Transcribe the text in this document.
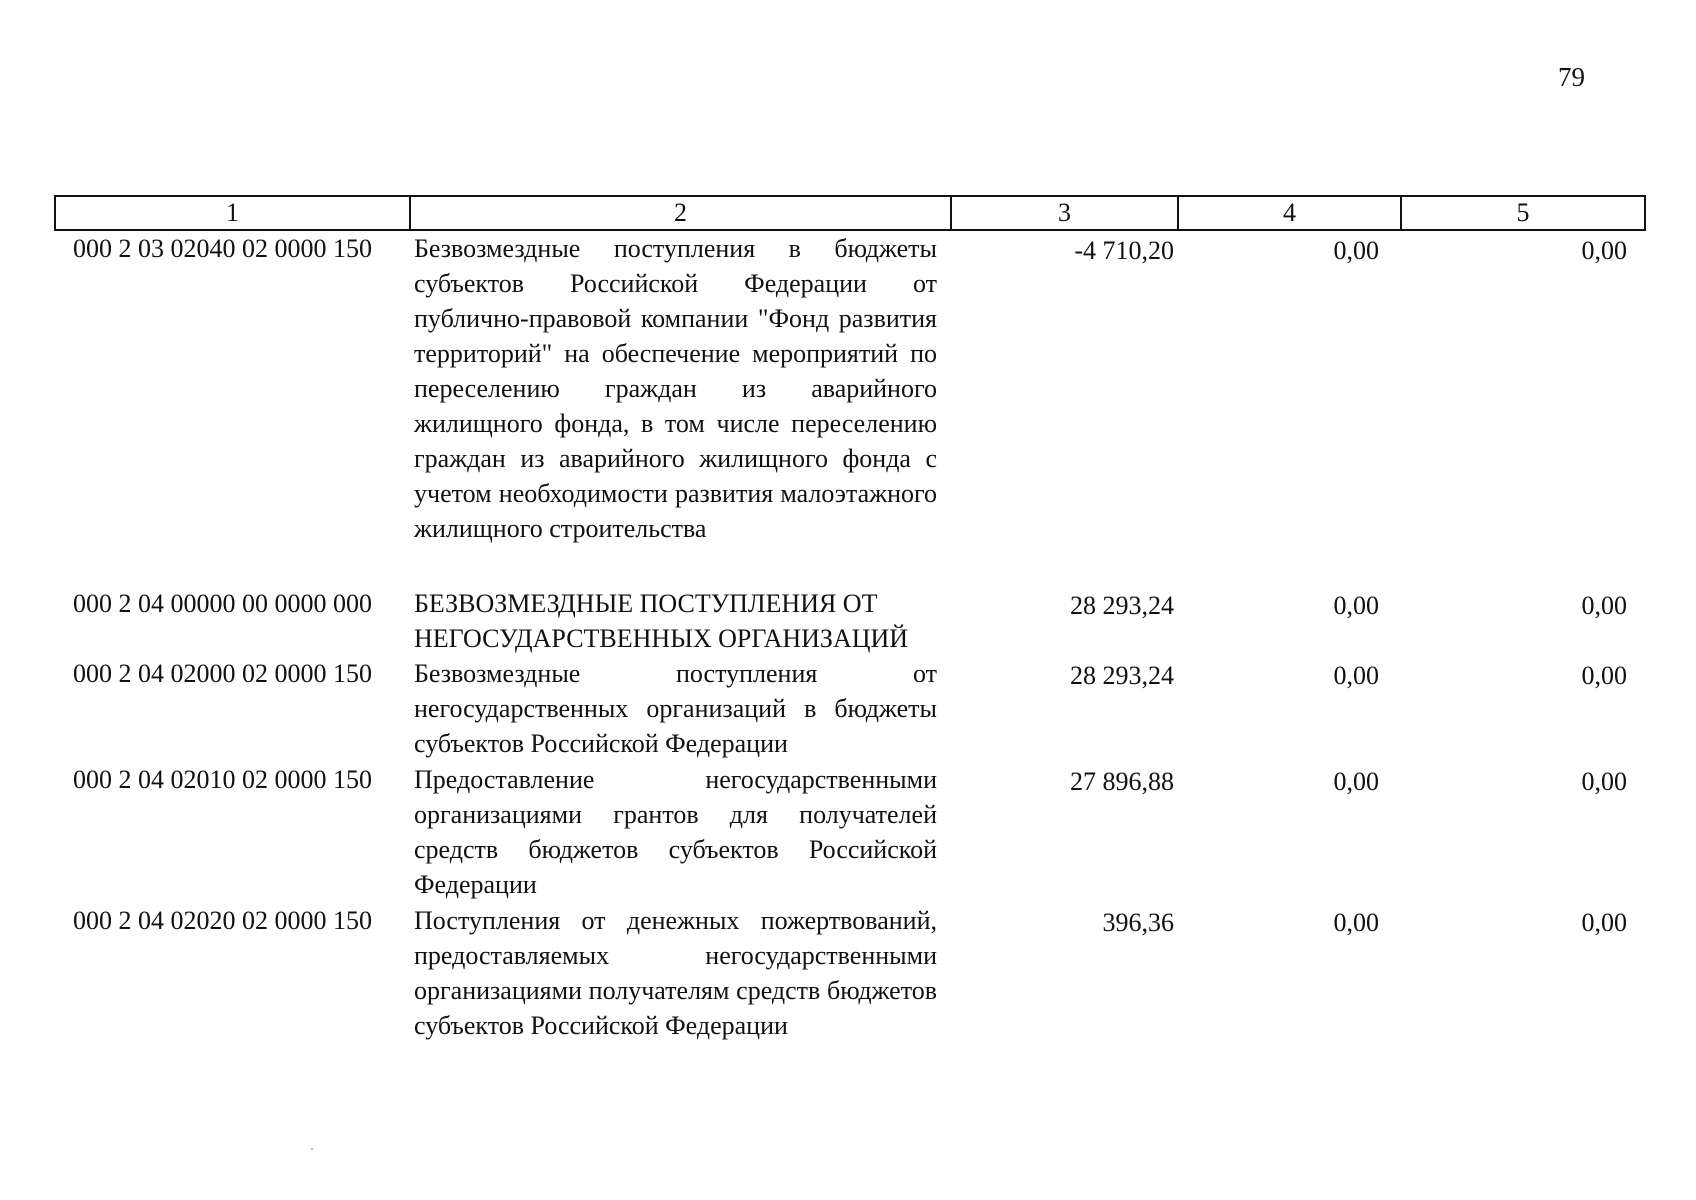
79
1	2	3	4	5
000 2 03 02040 02 0000 150	Безвозмездные поступления в бюджеты субъектов Российской Федерации от публично-правовой компании "Фонд развития территорий" на обеспечение мероприятий по переселению граждан из аварийного жилищного фонда, в том числе переселению граждан из аварийного жилищного фонда с учетом необходимости развития малоэтажного жилищного строительства	-4 710,20	0,00	0,00
000 2 04 00000 00 0000 000	БЕЗВОЗМЕЗДНЫЕ ПОСТУПЛЕНИЯ ОТ НЕГОСУДАРСТВЕННЫХ ОРГАНИЗАЦИЙ	28 293,24	0,00	0,00
000 2 04 02000 02 0000 150	Безвозмездные поступления от негосударственных организаций в бюджеты субъектов Российской Федерации	28 293,24	0,00	0,00
000 2 04 02010 02 0000 150	Предоставление негосударственными организациями грантов для получателей средств бюджетов субъектов Российской Федерации	27 896,88	0,00	0,00
000 2 04 02020 02 0000 150	Поступления от денежных пожертвований, предоставляемых негосударственными организациями получателям средств бюджетов субъектов Российской Федерации	396,36	0,00	0,00
